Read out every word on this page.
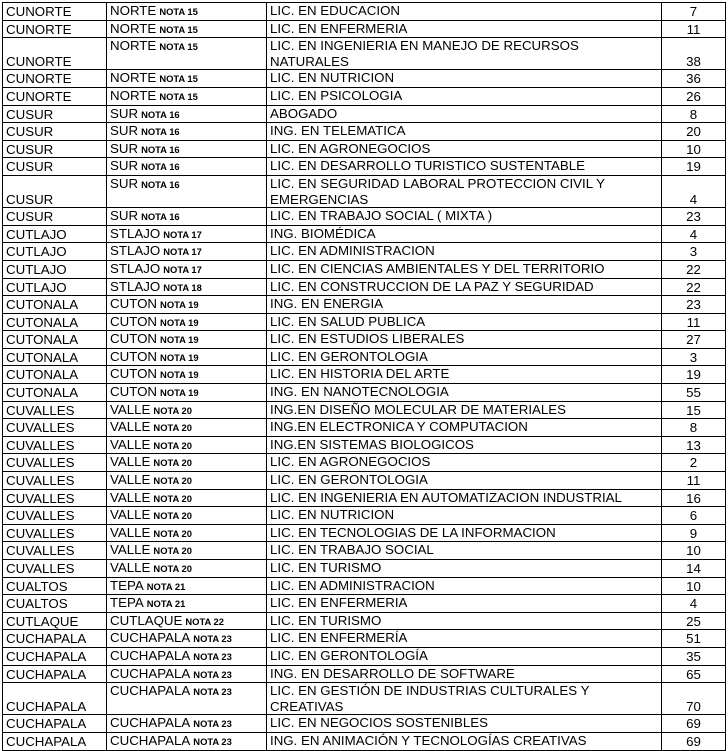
CUNORTE	NORTE NOTA 15	LIC. EN EDUCACION	7
CUNORTE	NORTE NOTA 15	LIC. EN ENFERMERIA	11
CUNORTE	NORTE NOTA 15	LIC. EN INGENIERIA EN MANEJO DE RECURSOS NATURALES	38
CUNORTE	NORTE NOTA 15	LIC. EN NUTRICION	36
CUNORTE	NORTE NOTA 15	LIC. EN PSICOLOGIA	26
CUSUR	SUR NOTA 16	ABOGADO	8
CUSUR	SUR NOTA 16	ING. EN TELEMATICA	20
CUSUR	SUR NOTA 16	LIC. EN AGRONEGOCIOS	10
CUSUR	SUR NOTA 16	LIC. EN DESARROLLO TURISTICO SUSTENTABLE	19
CUSUR	SUR NOTA 16	LIC. EN SEGURIDAD LABORAL PROTECCION CIVIL Y EMERGENCIAS	4
CUSUR	SUR NOTA 16	LIC. EN TRABAJO SOCIAL ( MIXTA )	23
CUTLAJO	STLAJO NOTA 17	ING. BIOMÉDICA	4
CUTLAJO	STLAJO NOTA 17	LIC. EN ADMINISTRACION	3
CUTLAJO	STLAJO NOTA 17	LIC. EN CIENCIAS AMBIENTALES Y DEL TERRITORIO	22
CUTLAJO	STLAJO NOTA 18	LIC. EN CONSTRUCCION DE LA PAZ Y SEGURIDAD	22
CUTONALA	CUTON NOTA 19	ING. EN ENERGIA	23
CUTONALA	CUTON NOTA 19	LIC. EN SALUD PUBLICA	11
CUTONALA	CUTON NOTA 19	LIC. EN ESTUDIOS LIBERALES	27
CUTONALA	CUTON NOTA 19	LIC. EN GERONTOLOGIA	3
CUTONALA	CUTON NOTA 19	LIC. EN HISTORIA DEL ARTE	19
CUTONALA	CUTON NOTA 19	ING. EN NANOTECNOLOGIA	55
CUVALLES	VALLE NOTA 20	ING.EN DISEÑO MOLECULAR DE MATERIALES	15
CUVALLES	VALLE NOTA 20	ING.EN ELECTRONICA Y COMPUTACION	8
CUVALLES	VALLE NOTA 20	ING.EN SISTEMAS BIOLOGICOS	13
CUVALLES	VALLE NOTA 20	LIC. EN AGRONEGOCIOS	2
CUVALLES	VALLE NOTA 20	LIC. EN GERONTOLOGIA	11
CUVALLES	VALLE NOTA 20	LIC. EN INGENIERIA EN AUTOMATIZACION INDUSTRIAL	16
CUVALLES	VALLE NOTA 20	LIC. EN NUTRICION	6
CUVALLES	VALLE NOTA 20	LIC. EN TECNOLOGIAS DE LA INFORMACION	9
CUVALLES	VALLE NOTA 20	LIC. EN TRABAJO SOCIAL	10
CUVALLES	VALLE NOTA 20	LIC. EN TURISMO	14
CUALTOS	TEPA NOTA 21	LIC. EN ADMINISTRACION	10
CUALTOS	TEPA NOTA 21	LIC. EN ENFERMERIA	4
CUTLAQUE	CUTLAQUE NOTA 22	LIC. EN TURISMO	25
CUCHAPALA	CUCHAPALA NOTA 23	LIC. EN ENFERMERÍA	51
CUCHAPALA	CUCHAPALA NOTA 23	LIC. EN GERONTOLOGÍA	35
CUCHAPALA	CUCHAPALA NOTA 23	ING. EN DESARROLLO DE SOFTWARE	65
CUCHAPALA	CUCHAPALA NOTA 23	LIC. EN GESTIÓN DE INDUSTRIAS CULTURALES Y CREATIVAS	70
CUCHAPALA	CUCHAPALA NOTA 23	LIC. EN NEGOCIOS SOSTENIBLES	69
CUCHAPALA	CUCHAPALA NOTA 23	ING. EN ANIMACIÓN Y TECNOLOGÍAS CREATIVAS	69
